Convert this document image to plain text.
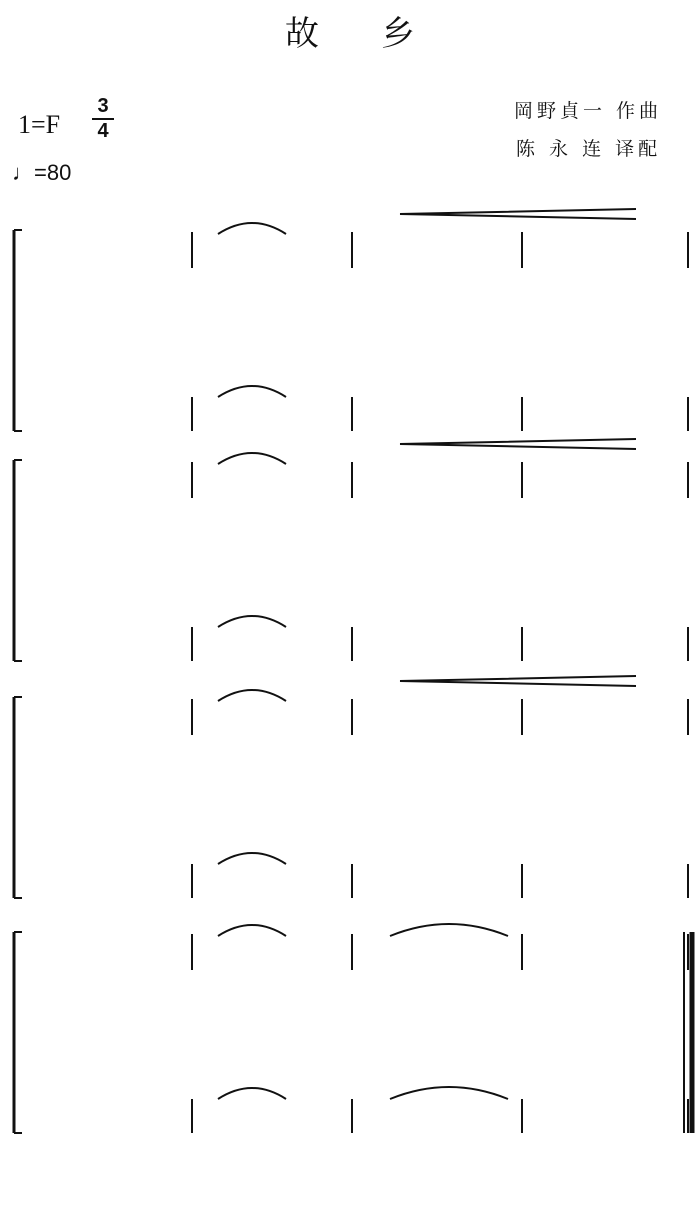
故乡
1=F
3
4
♩=80
岡野貞一 作曲
陈 永 连 译配
